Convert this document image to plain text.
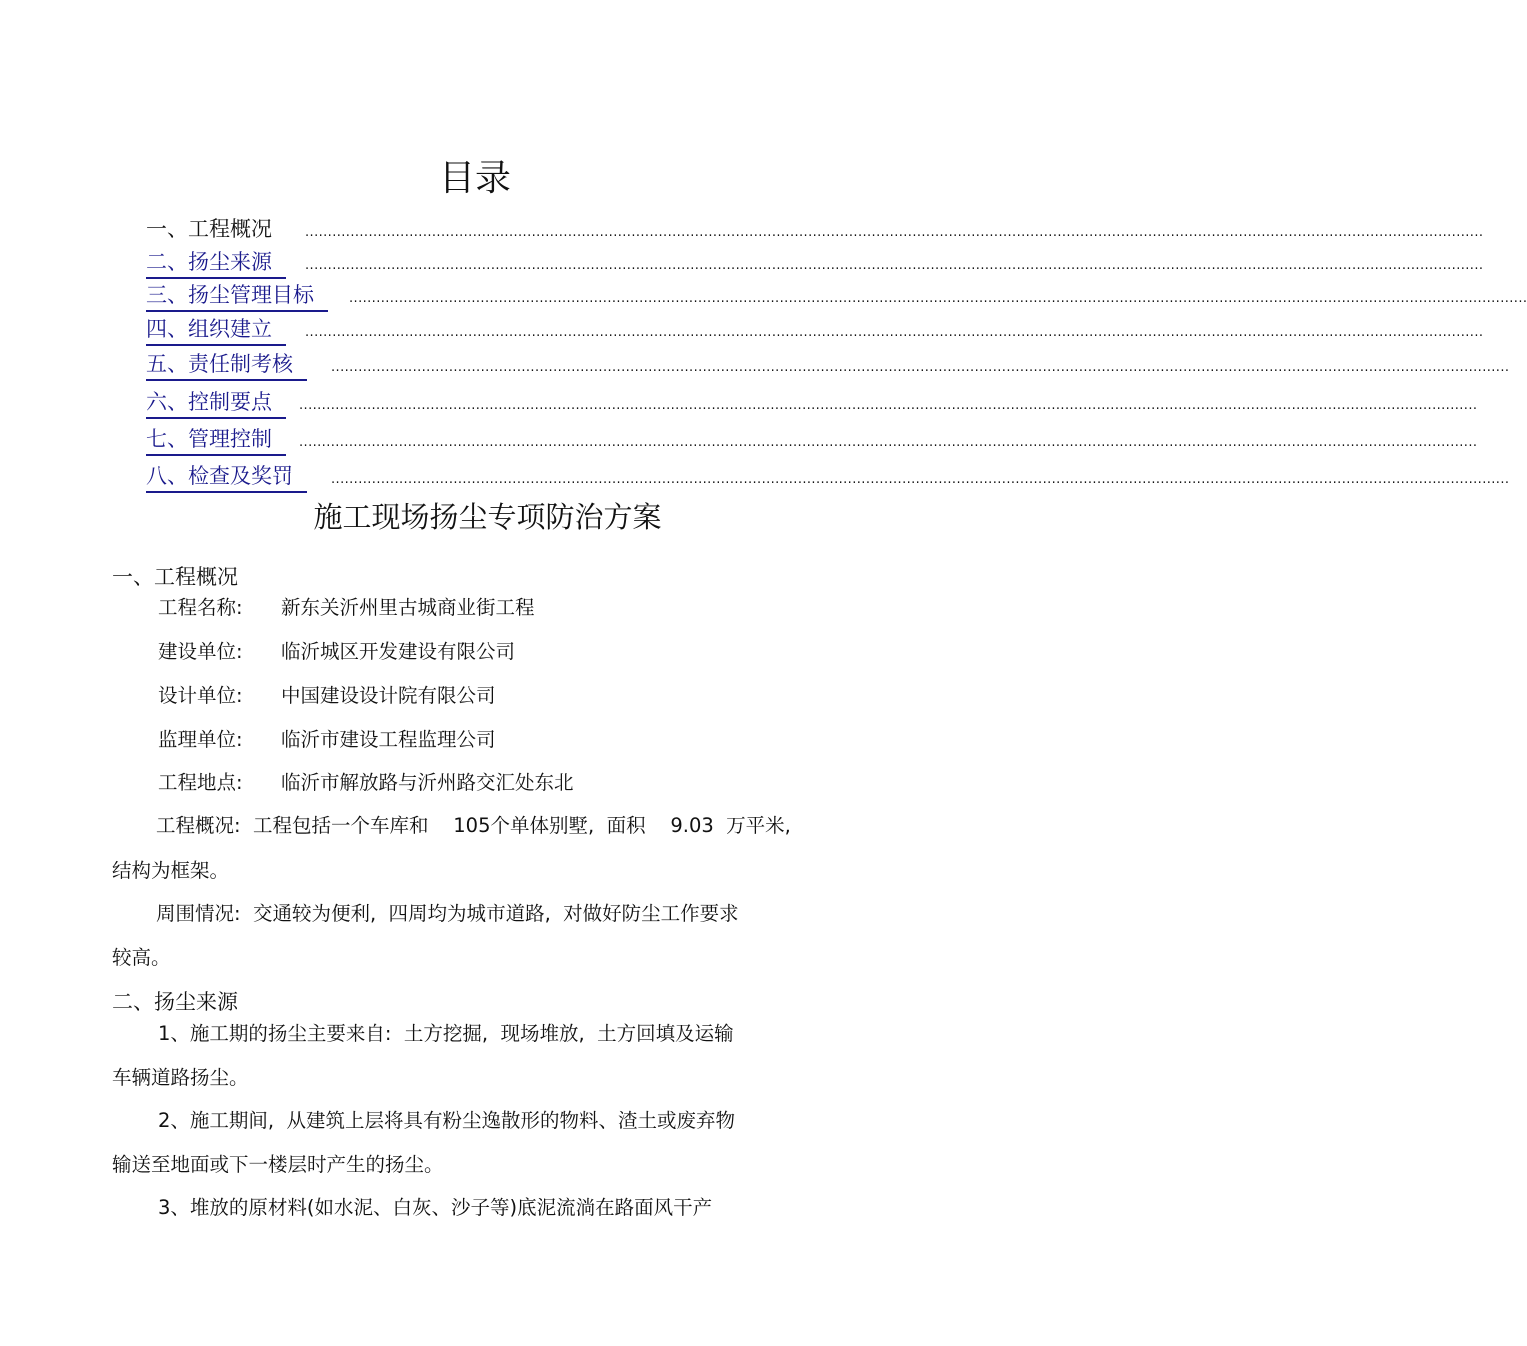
目录
一、工程概况	....................................................................................................................................................................................................................................................................
二、扬尘来源	....................................................................................................................................................................................................................................................................
三、扬尘管理目标	....................................................................................................................................................................................................................................................................
四、组织建立	....................................................................................................................................................................................................................................................................
五、责任制考核	....................................................................................................................................................................................................................................................................
六、控制要点	....................................................................................................................................................................................................................................................................
七、管理控制	....................................................................................................................................................................................................................................................................
八、检查及奖罚	....................................................................................................................................................................................................................................................................
施工现场扬尘专项防治方案
一、工程概况
工程名称: 新东关沂州里古城商业街工程
建设单位: 临沂城区开发建设有限公司
设计单位: 中国建设设计院有限公司
监理单位: 临沂市建设工程监理公司
工程地点: 临沂市解放路与沂州路交汇处东北
工程概况:  工程包括一个车库和    105个单体别墅,  面积    9.03  万平米,
结构为框架。
周围情况:  交通较为便利,  四周均为城市道路,  对做好防尘工作要求
较高。
二、扬尘来源
1、施工期的扬尘主要来自:  土方挖掘,  现场堆放,  土方回填及运输
车辆道路扬尘。
2、施工期间,  从建筑上层将具有粉尘逸散形的物料、渣土或废弃物
输送至地面或下一楼层时产生的扬尘。
3、堆放的原材料(如水泥、白灰、沙子等)底泥流淌在路面风干产
